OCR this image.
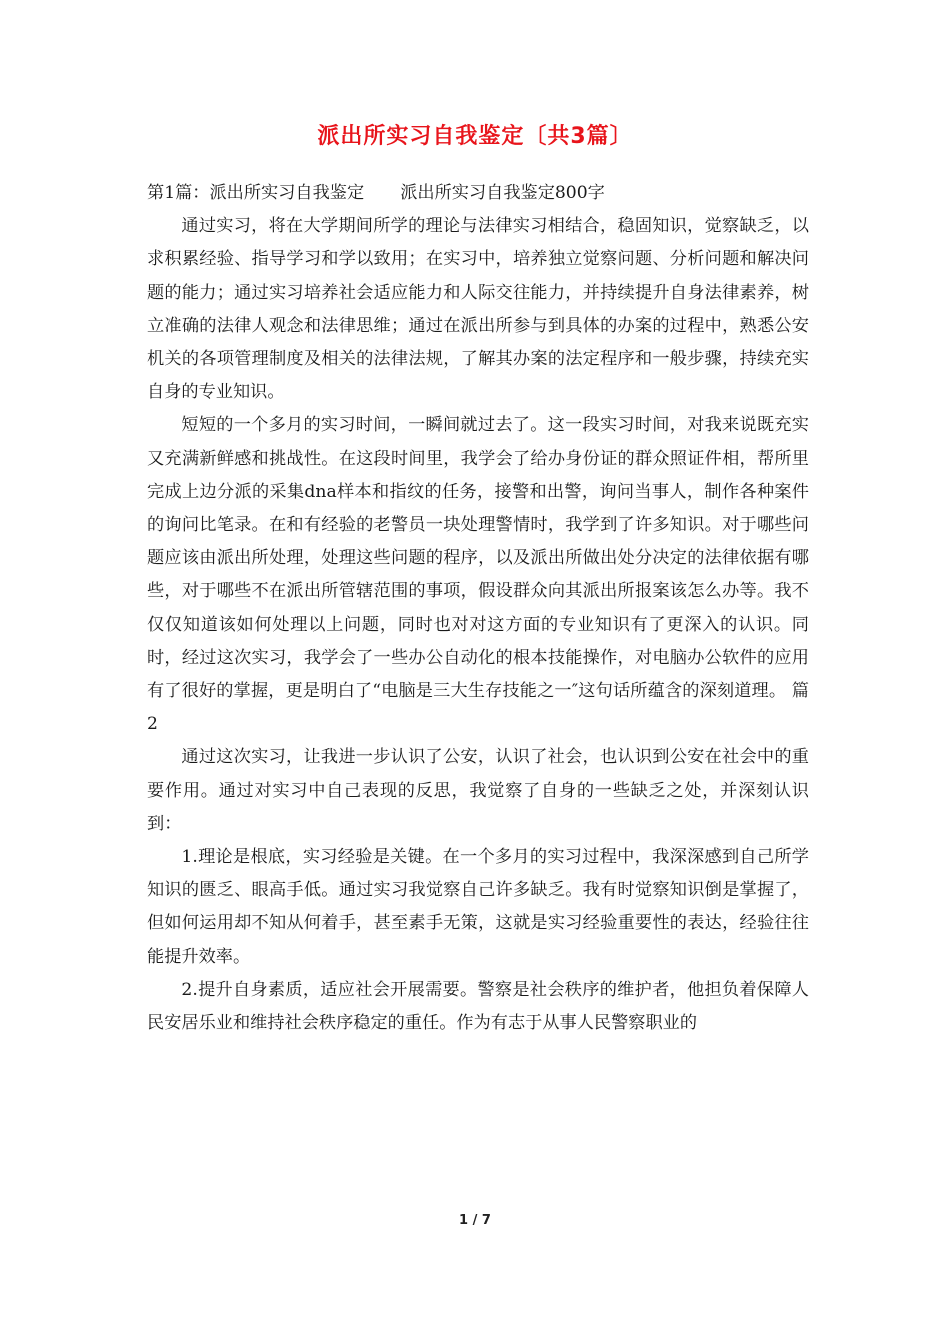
派出所实习自我鉴定〔共3篇〕

第1篇：派出所实习自我鉴定 派出所实习自我鉴定800字

通过实习，将在大学期间所学的理论与法律实习相结合，稳固知识，觉察缺乏，以求积累经验、指导学习和学以致用；在实习中，培养独立觉察问题、分析问题和解决问题的能力；通过实习培养社会适应能力和人际交往能力，并持续提升自身法律素养，树立准确的法律人观念和法律思维；通过在派出所参与到具体的办案的过程中，熟悉公安机关的各项管理制度及相关的法律法规，了解其办案的法定程序和一般步骤，持续充实自身的专业知识。

短短的一个多月的实习时间，一瞬间就过去了。这一段实习时间，对我来说既充实又充满新鲜感和挑战性。在这段时间里，我学会了给办身份证的群众照证件相，帮所里完成上边分派的采集dna样本和指纹的任务，接警和出警，询问当事人，制作各种案件的询问比笔录。在和有经验的老警员一块处理警情时，我学到了许多知识。对于哪些问题应该由派出所处理，处理这些问题的程序，以及派出所做出处分决定的法律依据有哪些，对于哪些不在派出所管辖范围的事项，假设群众向其派出所报案该怎么办等。我不仅仅知道该如何处理以上问题，同时也对对这方面的专业知识有了更深入的认识。同时，经过这次实习，我学会了一些办公自动化的根本技能操作，对电脑办公软件的应用有了很好的掌握，更是明白了“电脑是三大生存技能之一″这句话所蕴含的深刻道理。 篇2

通过这次实习，让我进一步认识了公安，认识了社会，也认识到公安在社会中的重要作用。通过对实习中自己表现的反思，我觉察了自身的一些缺乏之处，并深刻认识到：

1.理论是根底，实习经验是关键。在一个多月的实习过程中，我深深感到自己所学知识的匮乏、眼高手低。通过实习我觉察自己许多缺乏。我有时觉察知识倒是掌握了，但如何运用却不知从何着手，甚至素手无策，这就是实习经验重要性的表达，经验往往能提升效率。

2.提升自身素质，适应社会开展需要。警察是社会秩序的维护者，他担负着保障人民安居乐业和维持社会秩序稳定的重任。作为有志于从事人民警察职业的

1 / 7
